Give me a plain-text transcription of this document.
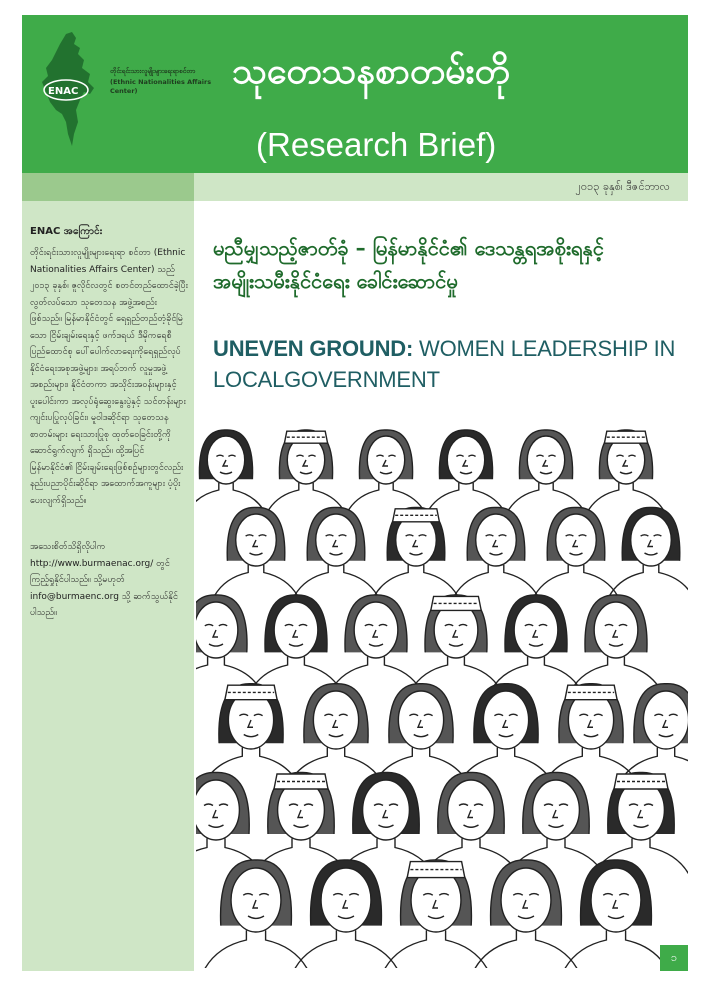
ENAC
တိုင်းရင်းသားလူမျိုးများရေးရာစင်တာ
(Ethnic Nationalities Affairs Center)	သုတေသနစာတမ်းတို
(Research Brief)
၂၀၁၃ ခုနှစ်၊ ဒီဇင်ဘာလ
ENAC အကြောင်း
တိုင်းရင်းသားလူမျိုးများရေးရာ စင်တာ (Ethnic Nationalities Affairs Center) သည် ၂၀၁၃ ခုနှစ်၊ ဇူလိုင်လတွင် စတင်တည်ထောင်ခဲ့ပြီး လွတ်လပ်သော သုတေသန အဖွဲ့အစည်း ဖြစ်သည်။ မြန်မာနိုင်ငံတွင် ရေရှည်တည်တံ့ခိုင်မြဲသော ငြိမ်းချမ်းရေးနှင့် ဖက်ဒရယ် ဒီမိုကရေစီ ပြည်ထောင်စု ပေါ်ပေါက်လာရေးကိုရေရှည်လုပ် နိုင်ငံရေးအစုအဖွဲ့များ၊ အရပ်ဘက် လူမှုအဖွဲ့အစည်းများ၊ နိုင်ငံတကာ အသိုင်းအဝန်းများနှင့် ပူးပေါင်းကာ အလုပ်ရုံဆွေးနွေးပွဲနှင့် သင်တန်းများ ကျင်းပပြုလုပ်ခြင်း၊ မူဝါဒဆိုင်ရာ သုတေသနစာတမ်းများ ရေးသားပြုစု ထုတ်ဝေခြင်းတို့ကို ဆောင်ရွက်လျက် ရှိသည်။ ထို့အပြင် မြန်မာနိုင်ငံ၏ ငြိမ်းချမ်းရေးဖြစ်စဉ်များတွင်လည်း နည်းပညာပိုင်းဆိုင်ရာ အထောက်အကူများ ပံ့ပိုးပေးလျက်ရှိသည်။
အသေးစိတ်သိရှိလိုပါက http://www.burmaenac.org/ တွင် ကြည့်ရှုနိုင်ပါသည်။ သို့မဟုတ် info@burmaenc.org သို့ ဆက်သွယ်နိုင်ပါသည်။
မညီမျှသည့်ဇာတ်ခုံ – မြန်မာနိုင်ငံ၏ ဒေသန္တရအစိုးရနှင့် အမျိုးသမီးနိုင်ငံရေး ခေါင်းဆောင်မှု
UNEVEN GROUND: WOMEN LEADERSHIP IN LOCALGOVERNMENT
၁
